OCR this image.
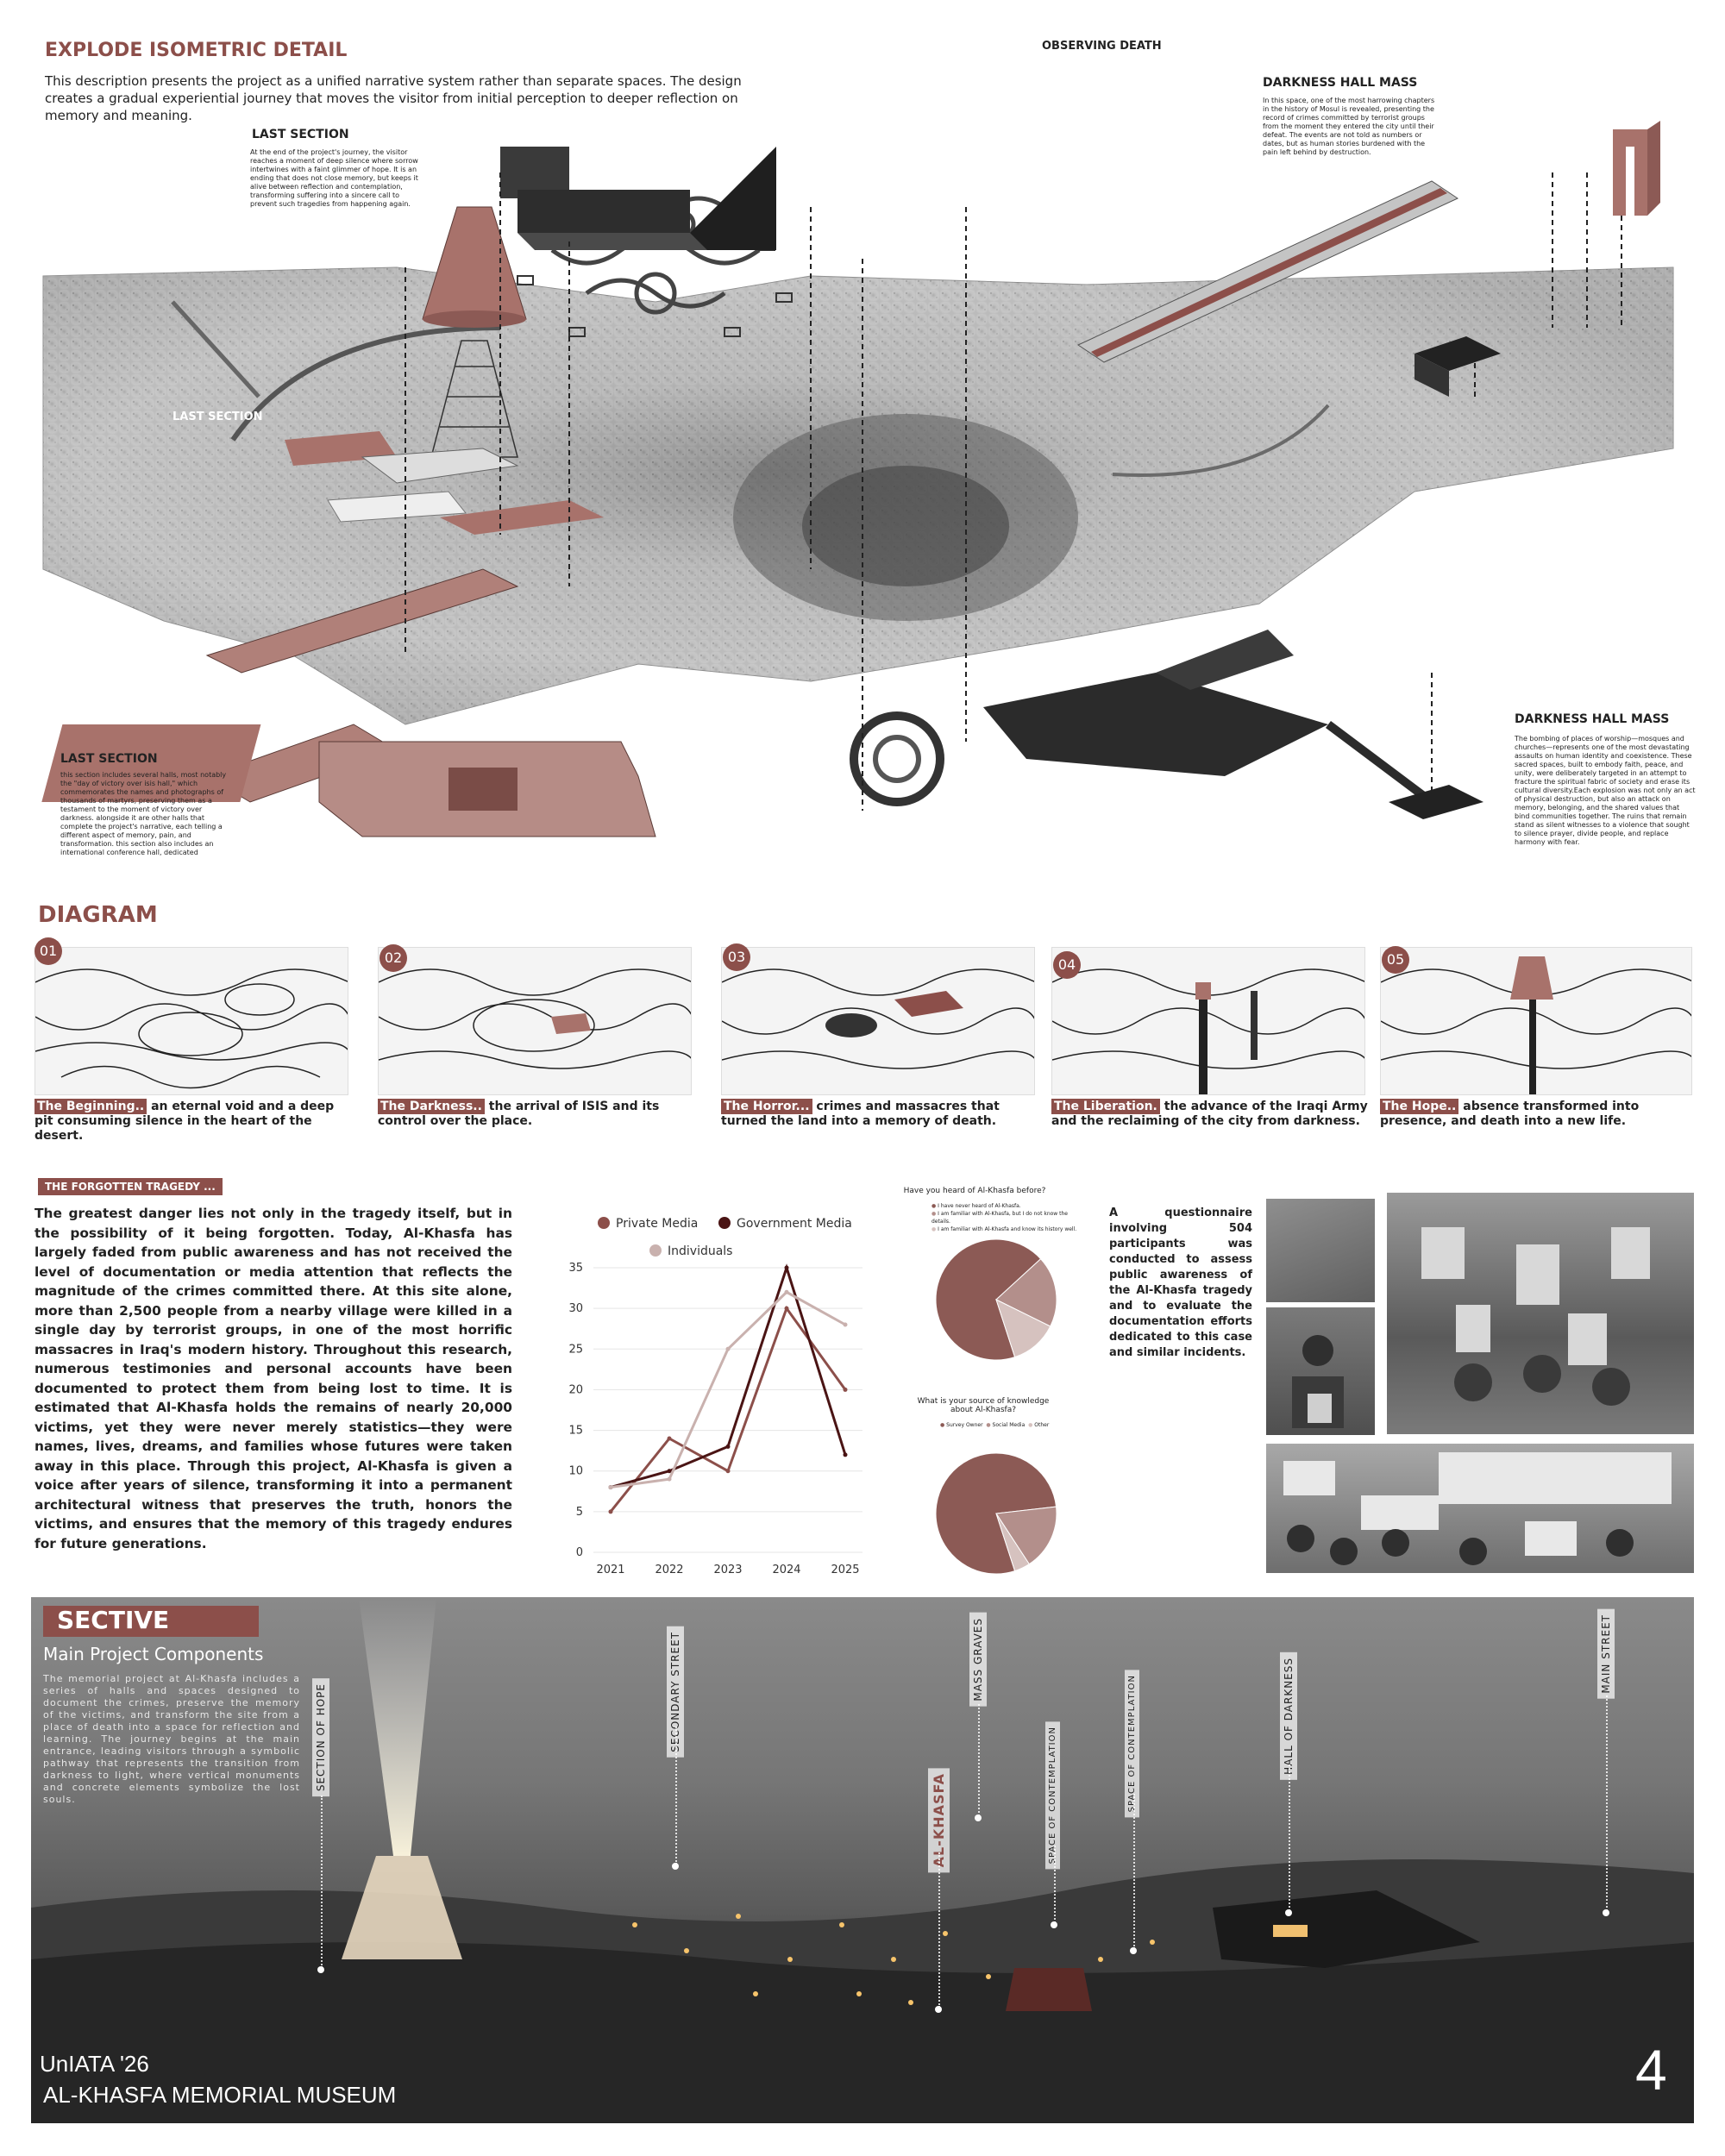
EXPLODE ISOMETRIC DETAIL
This description presents the project as a unified narrative system rather than separate spaces. The design creates a gradual experiential journey that moves the visitor from initial perception to deeper reflection on memory and meaning.
LAST SECTION
At the end of the project's journey, the visitor reaches a moment of deep silence where sorrow intertwines with a faint glimmer of hope. It is an ending that does not close memory, but keeps it alive between reflection and contemplation, transforming suffering into a sincere call to prevent such tragedies from happening again.
OBSERVING DEATH
DARKNESS HALL MASS
In this space, one of the most harrowing chapters in the history of Mosul is revealed, presenting the record of crimes committed by terrorist groups from the moment they entered the city until their defeat. The events are not told as numbers or dates, but as human stories burdened with the pain left behind by destruction.
LAST SECTION
LAST SECTION
this section includes several halls, most notably the "day of victory over isis hall," which commemorates the names and photographs of thousands of martyrs, preserving them as a testament to the moment of victory over darkness. alongside it are other halls that complete the project's narrative, each telling a different aspect of memory, pain, and transformation. this section also includes an international conference hall, dedicated
DARKNESS HALL MASS
The bombing of places of worship—mosques and churches—represents one of the most devastating assaults on human identity and coexistence. These sacred spaces, built to embody faith, peace, and unity, were deliberately targeted in an attempt to fracture the spiritual fabric of society and erase its cultural diversity.Each explosion was not only an act of physical destruction, but also an attack on memory, belonging, and the shared values that bind communities together. The ruins that remain stand as silent witnesses to a violence that sought to silence prayer, divide people, and replace harmony with fear.
DIAGRAM
01	02	03	04	05
The Beginning.. an eternal void and a deep pit consuming silence in the heart of the desert.
The Darkness.. the arrival of ISIS and its control over the place.
The Horror... crimes and massacres that turned the land into a memory of death.
The Liberation. the advance of the Iraqi Army and the reclaiming of the city from darkness.
The Hope.. absence transformed into presence, and death into a new life.
THE FORGOTTEN TRAGEDY ...
The greatest danger lies not only in the tragedy itself, but in the possibility of it being forgotten. Today, Al-Khasfa has largely faded from public awareness and has not received the level of documentation or media attention that reflects the magnitude of the crimes committed there. At this site alone, more than 2,500 people from a nearby village were killed in a single day by terrorist groups, in one of the most horrific massacres in Iraq's modern history. Throughout this research, numerous testimonies and personal accounts have been documented to protect them from being lost to time. It is estimated that Al-Khasfa holds the remains of nearly 20,000 victims, yet they were never merely statistics—they were names, lives, dreams, and families whose futures were taken away in this place. Through this project, Al-Khasfa is given a voice after years of silence, transforming it into a permanent architectural witness that preserves the truth, honors the victims, and ensures that the memory of this tragedy endures for future generations.
Private Media	Government Media
Individuals
0
5
10
15
20
25
30
35
2021	2022	2023	2024	2025
Have you heard of Al-Khasfa before?
● I have never heard of Al-Khasfa.
● I am familiar with Al-Khasfa, but I do not know the details.
● I am familiar with Al-Khasfa and know its history well.
What is your source of knowledge about Al-Khasfa?
● Survey Owner ● Social Media ● Other
A questionnaire involving 504 participants was conducted to assess public awareness of the Al-Khasfa tragedy and to evaluate the documentation efforts dedicated to this case and similar incidents.
SECTIVE
Main Project Components
The memorial project at Al-Khasfa includes a series of halls and spaces designed to document the crimes, preserve the memory of the victims, and transform the site from a place of death into a space for reflection and learning. The journey begins at the main entrance, leading visitors through a symbolic pathway that represents the transition from darkness to light, where vertical monuments and concrete elements symbolize the lost souls.
SECTION OF HOPE	SECONDARY STREET
AL-KHASFA
MASS GRAVES
SPACE OF CONTEMPLATION	SPACE OF CONTEMPLATION	HALL OF DARKNESS
MAIN STREET
UnIATA '26
AL-KHASFA MEMORIAL MUSEUM	4
